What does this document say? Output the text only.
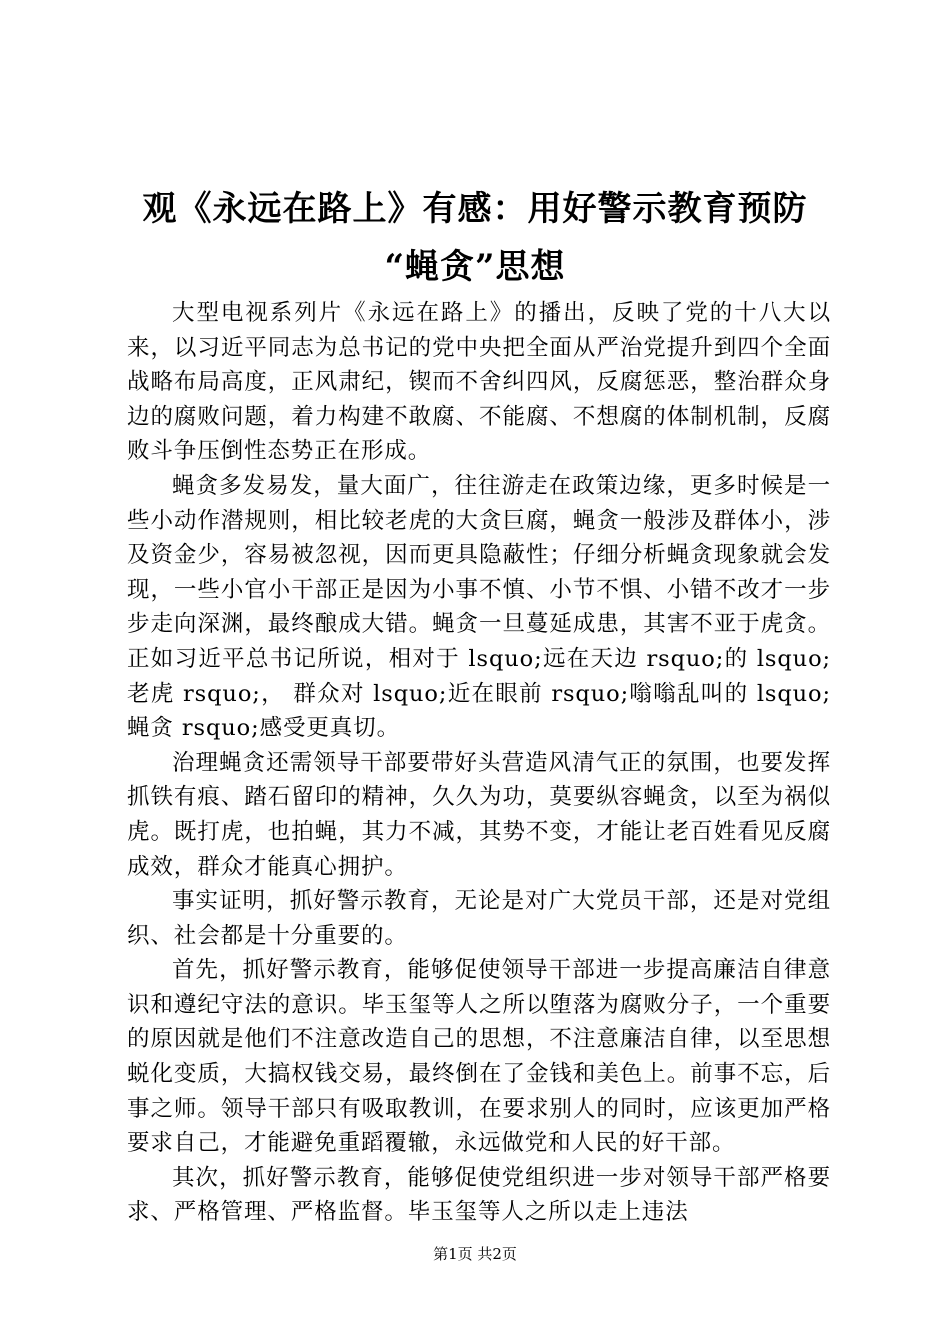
观《永远在路上》有感：用好警示教育预防
“蝇贪”思想

大型电视系列片《永远在路上》的播出，反映了党的十八大以来，以习近平同志为总书记的党中央把全面从严治党提升到四个全面战略布局高度，正风肃纪，锲而不舍纠四风，反腐惩恶，整治群众身边的腐败问题，着力构建不敢腐、不能腐、不想腐的体制机制，反腐败斗争压倒性态势正在形成。

蝇贪多发易发，量大面广，往往游走在政策边缘，更多时候是一些小动作潜规则，相比较老虎的大贪巨腐，蝇贪一般涉及群体小，涉及资金少，容易被忽视，因而更具隐蔽性；仔细分析蝇贪现象就会发现，一些小官小干部正是因为小事不慎、小节不惧、小错不改才一步步走向深渊，最终酿成大错。蝇贪一旦蔓延成患，其害不亚于虎贪。正如习近平总书记所说，相对于 lsquo;远在天边 rsquo;的 lsquo;老虎 rsquo;， 群众对 lsquo;近在眼前 rsquo;嗡嗡乱叫的 lsquo;蝇贪 rsquo;感受更真切。

治理蝇贪还需领导干部要带好头营造风清气正的氛围，也要发挥抓铁有痕、踏石留印的精神，久久为功，莫要纵容蝇贪，以至为祸似虎。既打虎，也拍蝇，其力不减，其势不变，才能让老百姓看见反腐成效，群众才能真心拥护。

事实证明，抓好警示教育，无论是对广大党员干部，还是对党组织、社会都是十分重要的。

首先，抓好警示教育，能够促使领导干部进一步提高廉洁自律意识和遵纪守法的意识。毕玉玺等人之所以堕落为腐败分子，一个重要的原因就是他们不注意改造自己的思想，不注意廉洁自律，以至思想蜕化变质，大搞权钱交易，最终倒在了金钱和美色上。前事不忘，后事之师。领导干部只有吸取教训，在要求别人的同时，应该更加严格要求自己，才能避免重蹈覆辙，永远做党和人民的好干部。

其次，抓好警示教育，能够促使党组织进一步对领导干部严格要求、严格管理、严格监督。毕玉玺等人之所以走上违法

第1页 共2页
